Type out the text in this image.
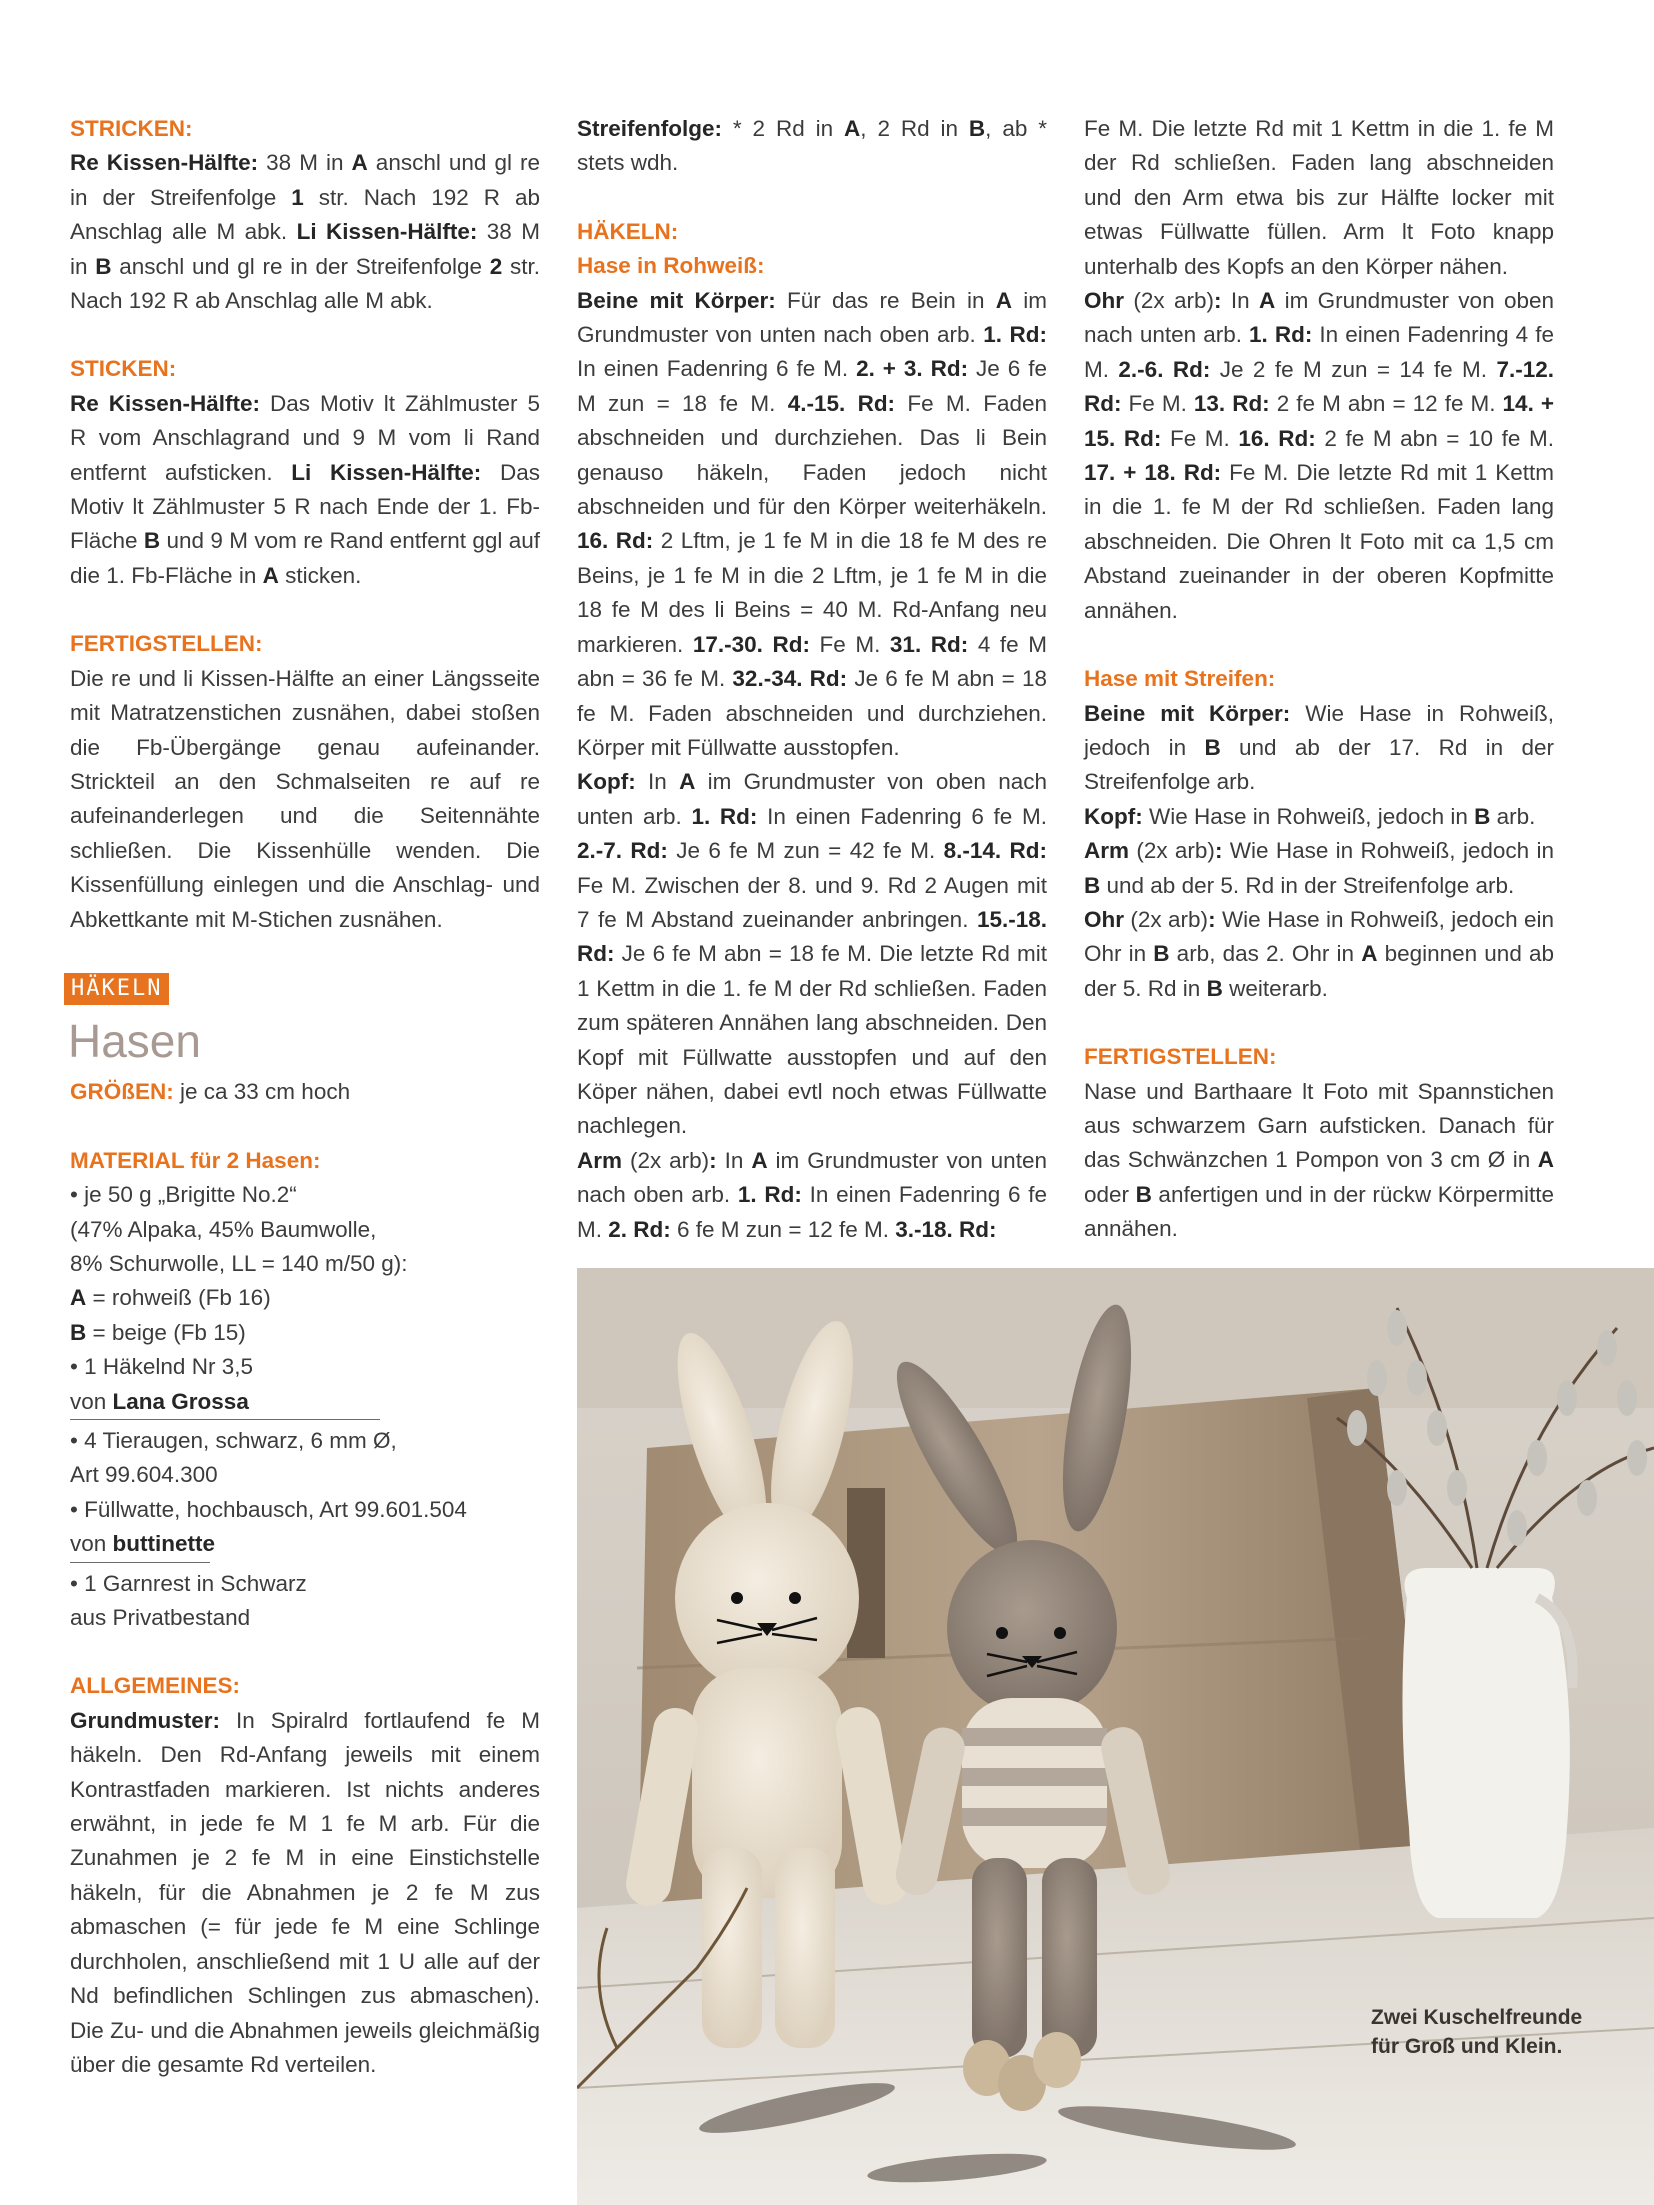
STRICKEN:

Re Kissen-Hälfte: 38 M in A anschl und gl re in der Streifenfolge 1 str. Nach 192 R ab Anschlag alle M abk. Li Kissen-Hälfte: 38 M in B anschl und gl re in der Streifenfolge 2 str. Nach 192 R ab Anschlag alle M abk.

STICKEN:

Re Kissen-Hälfte: Das Motiv lt Zählmuster 5 R vom Anschlagrand und 9 M vom li Rand entfernt aufsticken. Li Kissen-Hälfte: Das Motiv lt Zählmuster 5 R nach Ende der 1. Fb-Fläche B und 9 M vom re Rand entfernt ggl auf die 1. Fb-Fläche in A sticken.

FERTIGSTELLEN:

Die re und li Kissen-Hälfte an einer Längsseite mit Matratzenstichen zusnähen, dabei stoßen die Fb-Übergänge genau aufeinander. Strickteil an den Schmalseiten re auf re aufeinanderlegen und die Seitennähte schließen. Die Kissenhülle wenden. Die Kissenfüllung einlegen und die Anschlag- und Abkettkante mit M-Stichen zusnähen.

HÄKELN
Hasen
GRÖßEN: je ca 33 cm hoch
MATERIAL für 2 Hasen:
• je 50 g „Brigitte No.2“
(47% Alpaka, 45% Baumwolle,
8% Schurwolle, LL = 140 m/50 g):
A = rohweiß (Fb 16)
B = beige (Fb 15)
• 1 Häkelnd Nr 3,5
von Lana Grossa
• 4 Tieraugen, schwarz, 6 mm Ø,
Art 99.604.300
• Füllwatte, hochbausch, Art 99.601.504
von buttinette
• 1 Garnrest in Schwarz
aus Privatbestand
ALLGEMEINES:

Grundmuster: In Spiralrd fortlaufend fe M häkeln. Den Rd-Anfang jeweils mit einem Kontrastfaden markieren. Ist nichts anderes erwähnt, in jede fe M 1 fe M arb. Für die Zunahmen je 2 fe M in eine Einstichstelle häkeln, für die Abnahmen je 2 fe M zus abmaschen (= für jede fe M eine Schlinge durchholen, anschließend mit 1 U alle auf der Nd befindlichen Schlingen zus abmaschen). Die Zu- und die Abnahmen jeweils gleichmäßig über die gesamte Rd verteilen.

Streifenfolge: * 2 Rd in A, 2 Rd in B, ab * stets wdh.

HÄKELN:
Hase in Rohweiß:

Beine mit Körper: Für das re Bein in A im Grundmuster von unten nach oben arb. 1. Rd: In einen Fadenring 6 fe M. 2. + 3. Rd: Je 6 fe M zun = 18 fe M. 4.-15. Rd: Fe M. Faden abschneiden und durchziehen. Das li Bein genauso häkeln, Faden jedoch nicht abschneiden und für den Körper weiterhäkeln. 16. Rd: 2 Lftm, je 1 fe M in die 18 fe M des re Beins, je 1 fe M in die 2 Lftm, je 1 fe M in die 18 fe M des li Beins = 40 M. Rd-Anfang neu markieren. 17.-30. Rd: Fe M. 31. Rd: 4 fe M abn = 36 fe M. 32.-34. Rd: Je 6 fe M abn = 18 fe M. Faden abschneiden und durchziehen. Körper mit Füllwatte ausstopfen.

Kopf: In A im Grundmuster von oben nach unten arb. 1. Rd: In einen Fadenring 6 fe M. 2.-7. Rd: Je 6 fe M zun = 42 fe M. 8.-14. Rd: Fe M. Zwischen der 8. und 9. Rd 2 Augen mit 7 fe M Abstand zueinander anbringen. 15.-18. Rd: Je 6 fe M abn = 18 fe M. Die letzte Rd mit 1 Kettm in die 1. fe M der Rd schließen. Faden zum späteren Annähen lang abschneiden. Den Kopf mit Füllwatte ausstopfen und auf den Köper nähen, dabei evtl noch etwas Füllwatte nachlegen.

Arm (2x arb): In A im Grundmuster von unten nach oben arb. 1. Rd: In einen Fadenring 6 fe M. 2. Rd: 6 fe M zun = 12 fe M. 3.-18. Rd:

Fe M. Die letzte Rd mit 1 Kettm in die 1. fe M der Rd schließen. Faden lang abschneiden und den Arm etwa bis zur Hälfte locker mit etwas Füllwatte füllen. Arm lt Foto knapp unterhalb des Kopfs an den Körper nähen.

Ohr (2x arb): In A im Grundmuster von oben nach unten arb. 1. Rd: In einen Fadenring 4 fe M. 2.-6. Rd: Je 2 fe M zun = 14 fe M. 7.-12. Rd: Fe M. 13. Rd: 2 fe M abn = 12 fe M. 14. + 15. Rd: Fe M. 16. Rd: 2 fe M abn = 10 fe M. 17. + 18. Rd: Fe M. Die letzte Rd mit 1 Kettm in die 1. fe M der Rd schließen. Faden lang abschneiden. Die Ohren lt Foto mit ca 1,5 cm Abstand zueinander in der oberen Kopfmitte annähen.

Hase mit Streifen:

Beine mit Körper: Wie Hase in Rohweiß, jedoch in B und ab der 17. Rd in der Streifenfolge arb.

Kopf: Wie Hase in Rohweiß, jedoch in B arb.

Arm (2x arb): Wie Hase in Rohweiß, jedoch in B und ab der 5. Rd in der Streifenfolge arb.

Ohr (2x arb): Wie Hase in Rohweiß, jedoch ein Ohr in B arb, das 2. Ohr in A beginnen und ab der 5. Rd in B weiterarb.

FERTIGSTELLEN:

Nase und Barthaare lt Foto mit Spannstichen aus schwarzem Garn aufsticken. Danach für das Schwänzchen 1 Pompon von 3 cm Ø in A oder B anfertigen und in der rückw Körpermitte annähen.

Zwei Kuschelfreunde
für Groß und Klein.
